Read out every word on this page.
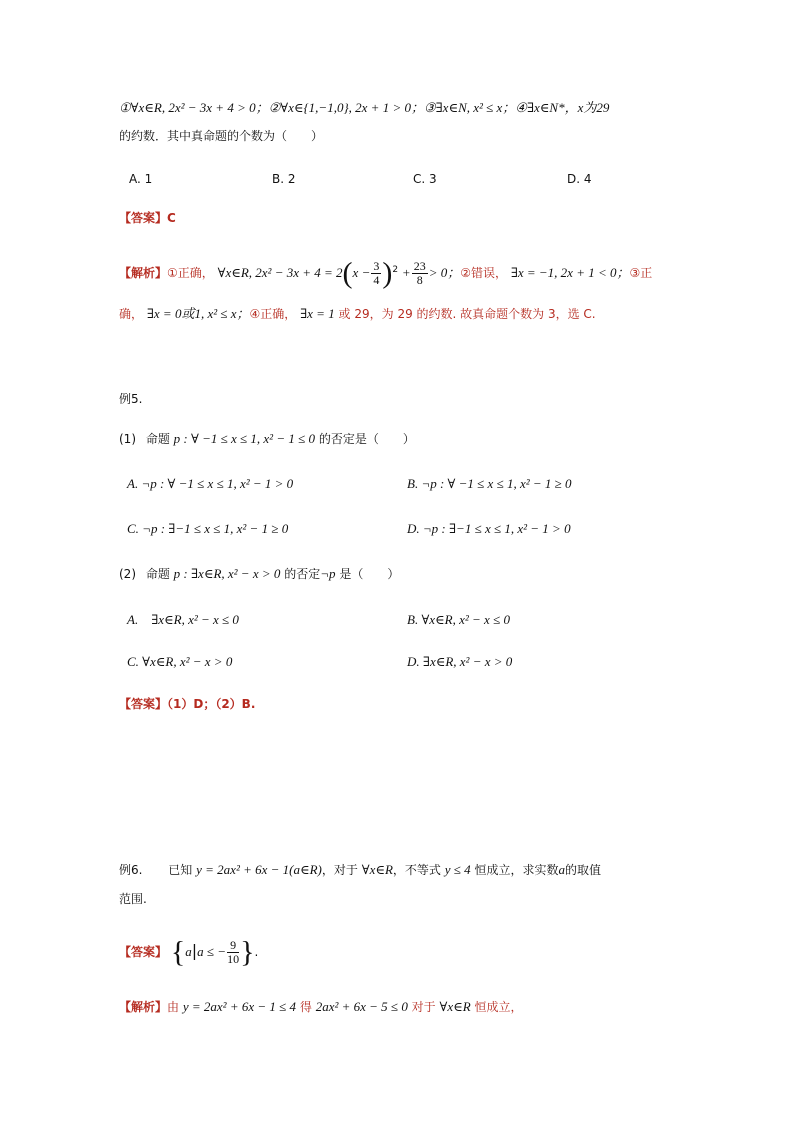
①∀x∈R, 2x² − 3x + 4 > 0；②∀x∈{1,−1,0}, 2x + 1 > 0；③∃x∈N, x² ≤ x；④∃x∈N*，x为29
的约数．其中真命题的个数为（　　）
A. 1	B. 2	C. 3	D. 4
【答案】C
【解析】①正确， ∀x∈R, $2x^2 - 3x + 4 = 2(x - \frac{3}{4} )^2 + \frac{23}{8} > 0$；②错误， ∃x = −1, 2x + 1 < 0；③正
确， ∃x = 0或1, x² ≤ x；④正确， ∃x = 1 或 29，为 29 的约数. 故真命题个数为 3，选 C.
例5.
(1) 命题 p : ∀ −1 ≤ x ≤ 1, x² − 1 ≤ 0 的否定是（　　）
A. ¬p : ∀ −1 ≤ x ≤ 1, x² − 1 > 0	B. ¬p : ∀ −1 ≤ x ≤ 1, x² − 1 ≥ 0
C. ¬p : ∃−1 ≤ x ≤ 1, x² − 1 ≥ 0	D. ¬p : ∃−1 ≤ x ≤ 1, x² − 1 > 0
(2) 命题 p : ∃x∈R, x² − x > 0 的否定¬p 是（　　）
A.　∃x∈R, x² − x ≤ 0	B. ∀x∈R, x² − x ≤ 0
C. ∀x∈R, x² − x > 0	D. ∃x∈R, x² − x > 0
【答案】（1）D；（2）B.
例6. 已知 y = 2ax² + 6x − 1(a∈R)，对于 ∀x∈R，不等式 y ≤ 4 恒成立，求实数a的取值
范围.
【答案】 {a|a ≤ − $\frac{9}{10}$ }.
【解析】由 y = 2ax² + 6x − 1 ≤ 4 得 2ax² + 6x − 5 ≤ 0 对于 ∀x∈R 恒成立，
